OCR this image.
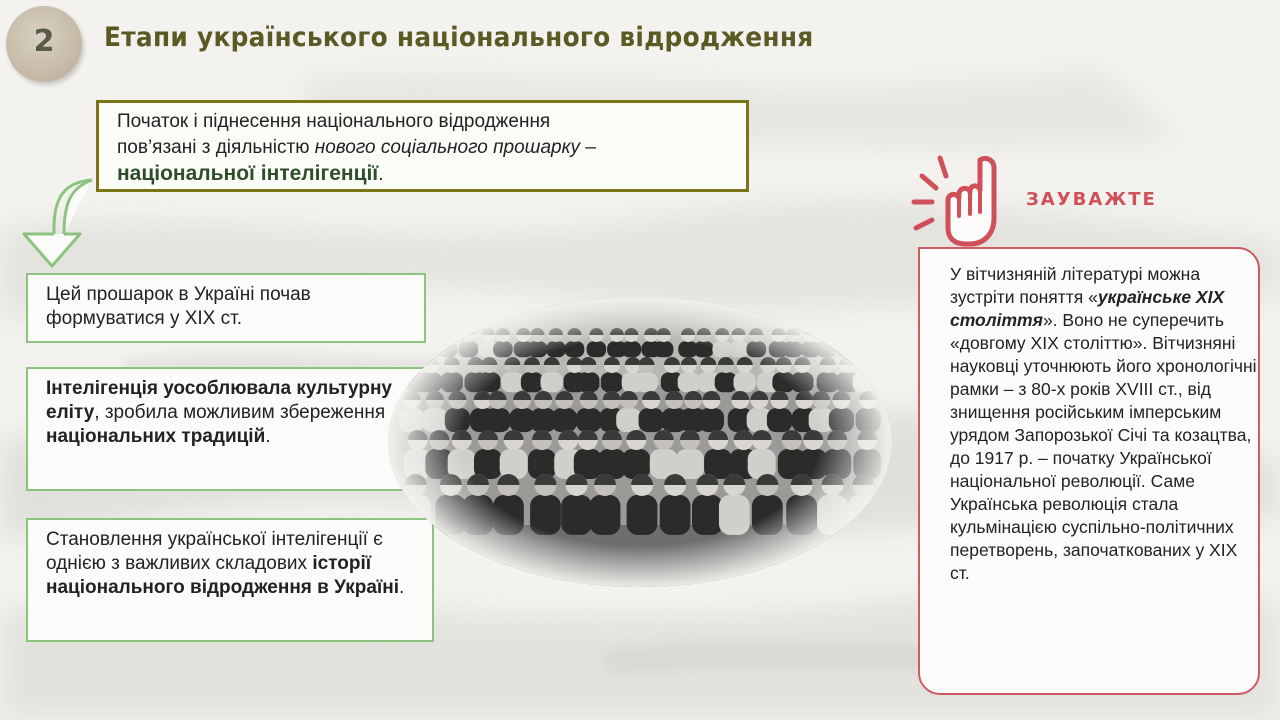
2	Етапи українського національного відродження
Початок і піднесення національного відродження
пов’язані з діяльністю нового соціального прошарку –
національної інтелігенції.
Цей прошарок в Україні почав формуватися у ХІХ ст.
Інтелігенція уособлювала культурну еліту, зробила можливим збереження національних традицій.
Становлення української інтелігенції є однією з важливих складових історії національного відродження в Україні.
ЗАУВАЖТЕ
У вітчизняній літературі можна зустріти поняття «українське ХІХ століття». Воно не суперечить «довгому ХІХ століттю». Вітчизняні науковці уточнюють його хронологічні рамки – з 80-х років XVIII ст., від знищення російським імперським урядом Запорозької Січі та козацтва, до 1917 р. – початку Української національної революції. Саме Українська революція стала кульмінацією суспільно-політичних перетворень, започаткованих у ХІХ ст.
